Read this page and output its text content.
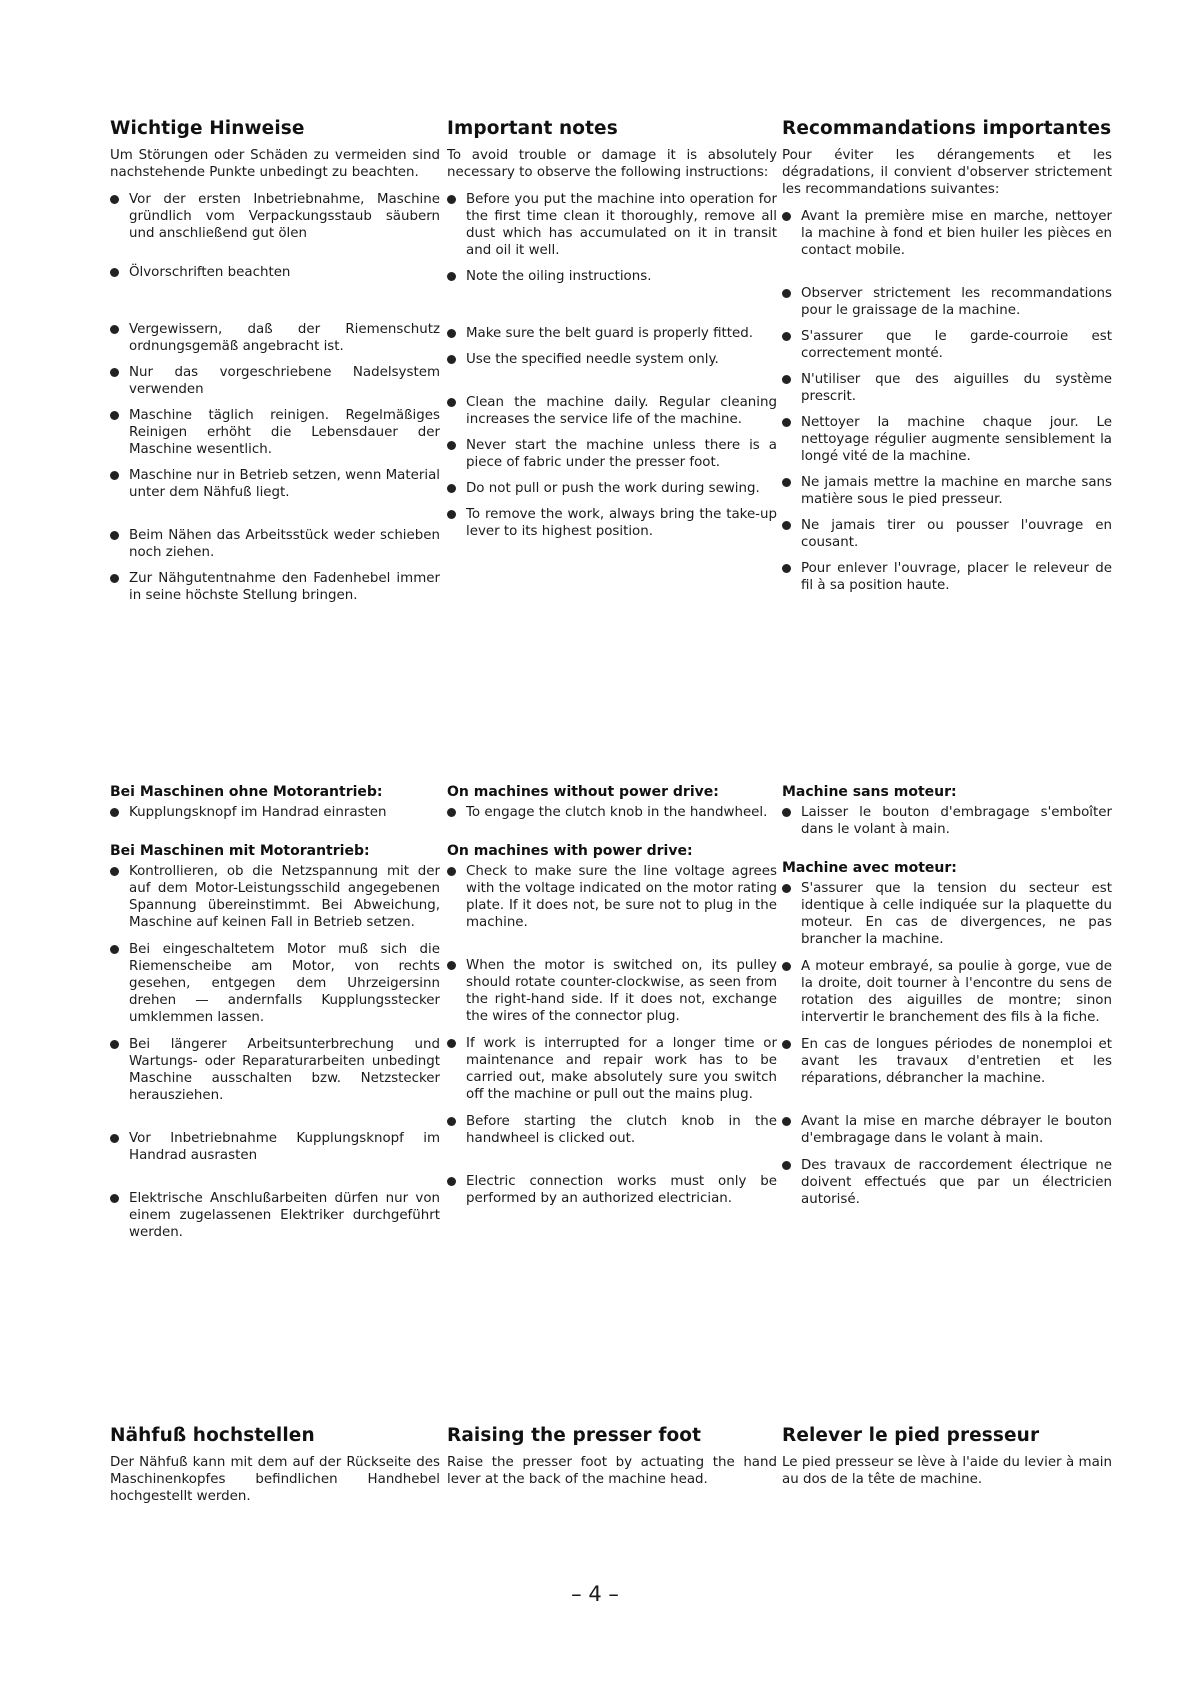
Wichtige Hinweise

Um Störungen oder Schäden zu vermeiden sind nachstehende Punkte unbedingt zu beachten.

Vor der ersten Inbetriebnahme, Maschine gründlich vom Verpackungsstaub säubern und anschließend gut ölen
Ölvorschriften beachten
Vergewissern, daß der Riemenschutz ordnungsgemäß angebracht ist.
Nur das vorgeschriebene Nadelsystem verwenden
Maschine täglich reinigen. Regelmäßiges Reinigen erhöht die Lebensdauer der Maschine wesentlich.
Maschine nur in Betrieb setzen, wenn Material unter dem Nähfuß liegt.
Beim Nähen das Arbeitsstück weder schieben noch ziehen.
Zur Nähgutentnahme den Fadenhebel immer in seine höchste Stellung bringen.
Important notes

To avoid trouble or damage it is absolutely necessary to observe the following instructions:

Before you put the machine into operation for the first time clean it thoroughly, remove all dust which has accumulated on it in transit and oil it well.
Note the oiling instructions.
Make sure the belt guard is properly fitted.
Use the specified needle system only.
Clean the machine daily. Regular cleaning increases the service life of the machine.
Never start the machine unless there is a piece of fabric under the presser foot.
Do not pull or push the work during sewing.
To remove the work, always bring the take-up lever to its highest position.
Recommandations importantes

Pour éviter les dérangements et les dégradations, il convient d'observer strictement les recommandations suivantes:

Avant la première mise en marche, nettoyer la machine à fond et bien huiler les pièces en contact mobile.
Observer strictement les recommandations pour le graissage de la machine.
S'assurer que le garde-courroie est correctement monté.
N'utiliser que des aiguilles du système prescrit.
Nettoyer la machine chaque jour. Le nettoyage régulier augmente sensiblement la longé vité de la machine.
Ne jamais mettre la machine en marche sans matière sous le pied presseur.
Ne jamais tirer ou pousser l'ouvrage en cousant.
Pour enlever l'ouvrage, placer le releveur de fil à sa position haute.
Bei Maschinen ohne Motorantrieb:
Kupplungsknopf im Handrad einrasten
Bei Maschinen mit Motorantrieb:
Kontrollieren, ob die Netzspannung mit der auf dem Motor-Leistungsschild angegebenen Spannung übereinstimmt. Bei Abweichung, Maschine auf keinen Fall in Betrieb setzen.
Bei eingeschaltetem Motor muß sich die Riemenscheibe am Motor, von rechts gesehen, entgegen dem Uhrzeigersinn drehen — andernfalls Kupplungsstecker umklemmen lassen.
Bei längerer Arbeitsunterbrechung und Wartungs- oder Reparaturarbeiten unbedingt Maschine ausschalten bzw. Netzstecker herausziehen.
Vor Inbetriebnahme Kupplungsknopf im Handrad ausrasten
Elektrische Anschlußarbeiten dürfen nur von einem zugelassenen Elektriker durchgeführt werden.
On machines without power drive:
To engage the clutch knob in the handwheel.
On machines with power drive:
Check to make sure the line voltage agrees with the voltage indicated on the motor rating plate. If it does not, be sure not to plug in the machine.
When the motor is switched on, its pulley should rotate counter-clockwise, as seen from the right-hand side. If it does not, exchange the wires of the connector plug.
If work is interrupted for a longer time or maintenance and repair work has to be carried out, make absolutely sure you switch off the machine or pull out the mains plug.
Before starting the clutch knob in the handwheel is clicked out.
Electric connection works must only be performed by an authorized electrician.
Machine sans moteur:
Laisser le bouton d'embragage s'emboîter dans le volant à main.
Machine avec moteur:
S'assurer que la tension du secteur est identique à celle indiquée sur la plaquette du moteur. En cas de divergences, ne pas brancher la machine.
A moteur embrayé, sa poulie à gorge, vue de la droite, doit tourner à l'encontre du sens de rotation des aiguilles de montre; sinon intervertir le branchement des fils à la fiche.
En cas de longues périodes de nonemploi et avant les travaux d'entretien et les réparations, débrancher la machine.
Avant la mise en marche débrayer le bouton d'embragage dans le volant à main.
Des travaux de raccordement électrique ne doivent effectués que par un électricien autorisé.
Nähfuß hochstellen

Der Nähfuß kann mit dem auf der Rückseite des Maschinenkopfes befindlichen Handhebel hochgestellt werden.

Raising the presser foot

Raise the presser foot by actuating the hand lever at the back of the machine head.

Relever le pied presseur

Le pied presseur se lève à l'aide du levier à main au dos de la tête de machine.

– 4 –
